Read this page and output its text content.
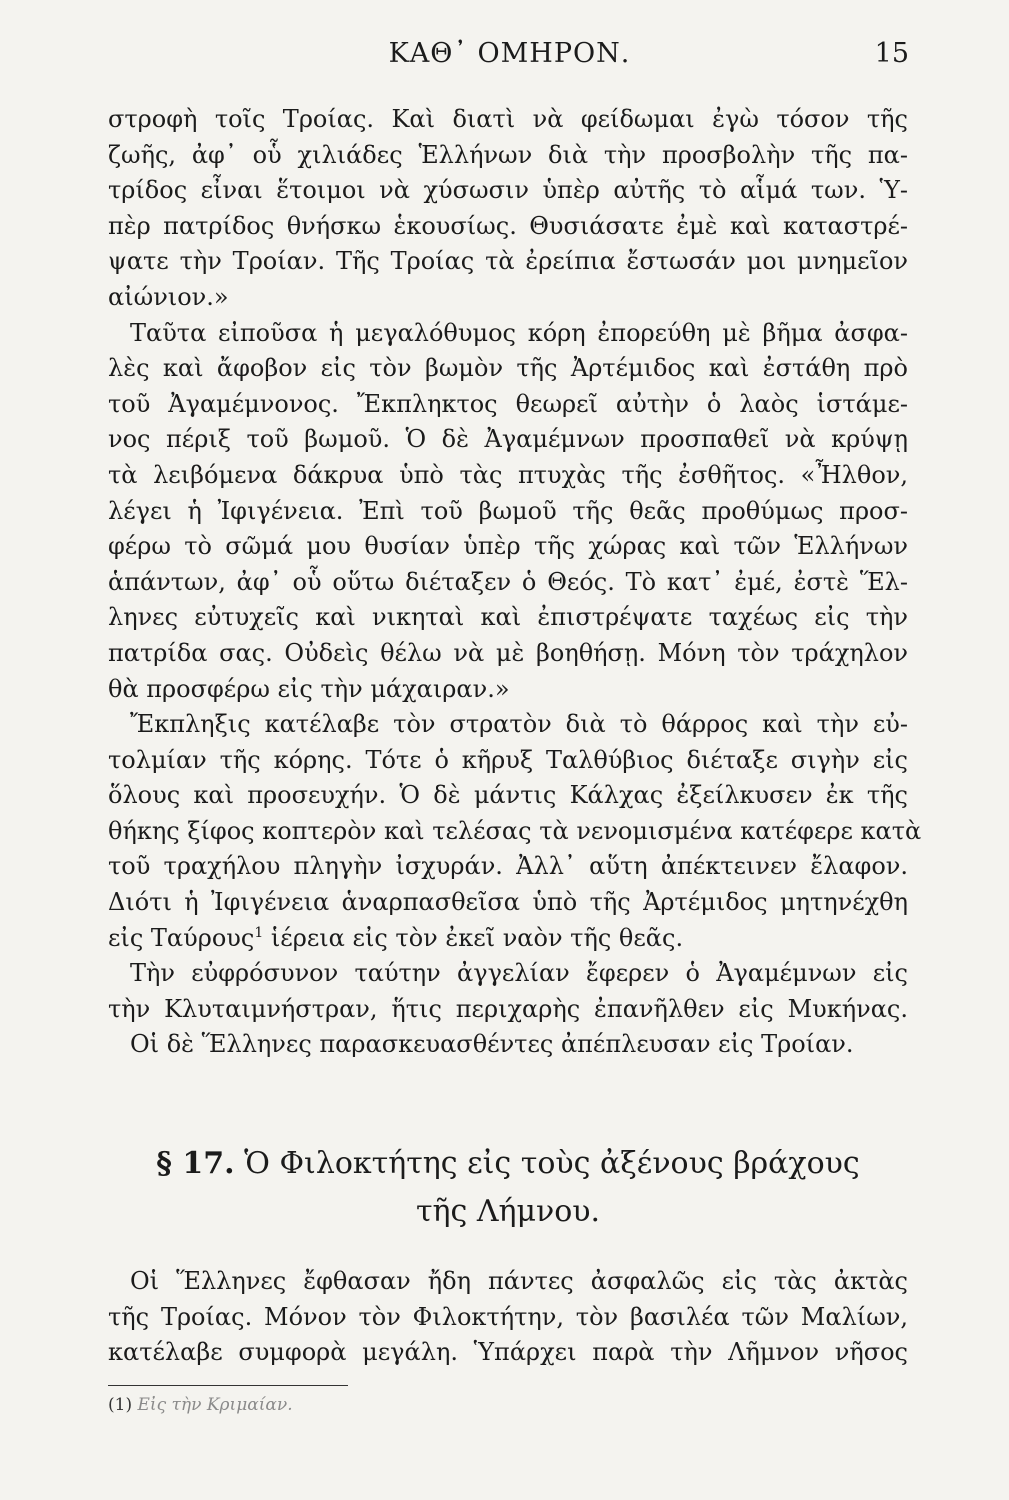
ΚΑΘ᾽ ΟΜΗΡΟΝ.	15
στροφὴ τοῖς Τροίας. Καὶ διατὶ νὰ φείδωμαι ἐγὼ τόσον τῆς
ζωῆς, ἀφ᾽ οὗ χιλιάδες Ἑλλήνων διὰ τὴν προσβολὴν τῆς πα-
τρίδος εἶναι ἕτοιμοι νὰ χύσωσιν ὑπὲρ αὐτῆς τὸ αἷμά των. Ὑ-
πὲρ πατρίδος θνήσκω ἑκουσίως. Θυσιάσατε ἐμὲ καὶ καταστρέ-
ψατε τὴν Τροίαν. Τῆς Τροίας τὰ ἐρείπια ἔστωσάν μοι μνημεῖον
αἰώνιον.»
Ταῦτα εἰποῦσα ἡ μεγαλόθυμος κόρη ἐπορεύθη μὲ βῆμα ἀσφα-
λὲς καὶ ἄφοβον εἰς τὸν βωμὸν τῆς Ἀρτέμιδος καὶ ἐστάθη πρὸ
τοῦ Ἀγαμέμνονος. Ἔκπληκτος θεωρεῖ αὐτὴν ὁ λαὸς ἱστάμε-
νος πέριξ τοῦ βωμοῦ. Ὁ δὲ Ἀγαμέμνων προσπαθεῖ νὰ κρύψῃ
τὰ λειβόμενα δάκρυα ὑπὸ τὰς πτυχὰς τῆς ἐσθῆτος. «Ἦλθον,
λέγει ἡ Ἰφιγένεια. Ἐπὶ τοῦ βωμοῦ τῆς θεᾶς προθύμως προσ-
φέρω τὸ σῶμά μου θυσίαν ὑπὲρ τῆς χώρας καὶ τῶν Ἑλλήνων
ἁπάντων, ἀφ᾽ οὗ οὕτω διέταξεν ὁ Θεός. Τὸ κατ᾽ ἐμέ, ἐστὲ Ἕλ-
ληνες εὐτυχεῖς καὶ νικηταὶ καὶ ἐπιστρέψατε ταχέως εἰς τὴν
πατρίδα σας. Οὐδεὶς θέλω νὰ μὲ βοηθήσῃ. Μόνη τὸν τράχηλον
θὰ προσφέρω εἰς τὴν μάχαιραν.»
Ἔκπληξις κατέλαβε τὸν στρατὸν διὰ τὸ θάρρος καὶ τὴν εὐ-
τολμίαν τῆς κόρης. Τότε ὁ κῆρυξ Ταλθύβιος διέταξε σιγὴν εἰς
ὅλους καὶ προσευχήν. Ὁ δὲ μάντις Κάλχας ἐξείλκυσεν ἐκ τῆς
θήκης ξίφος κοπτερὸν καὶ τελέσας τὰ νενομισμένα κατέφερε κατὰ
τοῦ τραχήλου πληγὴν ἰσχυράν. Ἀλλ᾽ αὕτη ἀπέκτεινεν ἔλαφον.
Διότι ἡ Ἰφιγένεια ἁναρπασθεῖσα ὑπὸ τῆς Ἀρτέμιδος μητηνέχθη
εἰς Ταύρους$^1$ ἱέρεια εἰς τὸν ἐκεῖ ναὸν τῆς θεᾶς.
Τὴν εὐφρόσυνον ταύτην ἀγγελίαν ἔφερεν ὁ Ἀγαμέμνων εἰς
τὴν Κλυταιμνήστραν, ἥτις περιχαρὴς ἐπανῆλθεν εἰς Μυκήνας.
Οἱ δὲ Ἕλληνες παρασκευασθέντες ἀπέπλευσαν εἰς Τροίαν.
§ 17. Ὁ Φιλοκτήτης εἰς τοὺς ἀξένους βράχους
τῆς Λήμνου.
Οἱ Ἕλληνες ἔφθασαν ἤδη πάντες ἀσφαλῶς εἰς τὰς ἀκτὰς
τῆς Τροίας. Μόνον τὸν Φιλοκτήτην, τὸν βασιλέα τῶν Μαλίων,
κατέλαβε συμφορὰ μεγάλη. Ὑπάρχει παρὰ τὴν Λῆμνον νῆσος
(1) Εἰς τὴν Κριμαίαν.
